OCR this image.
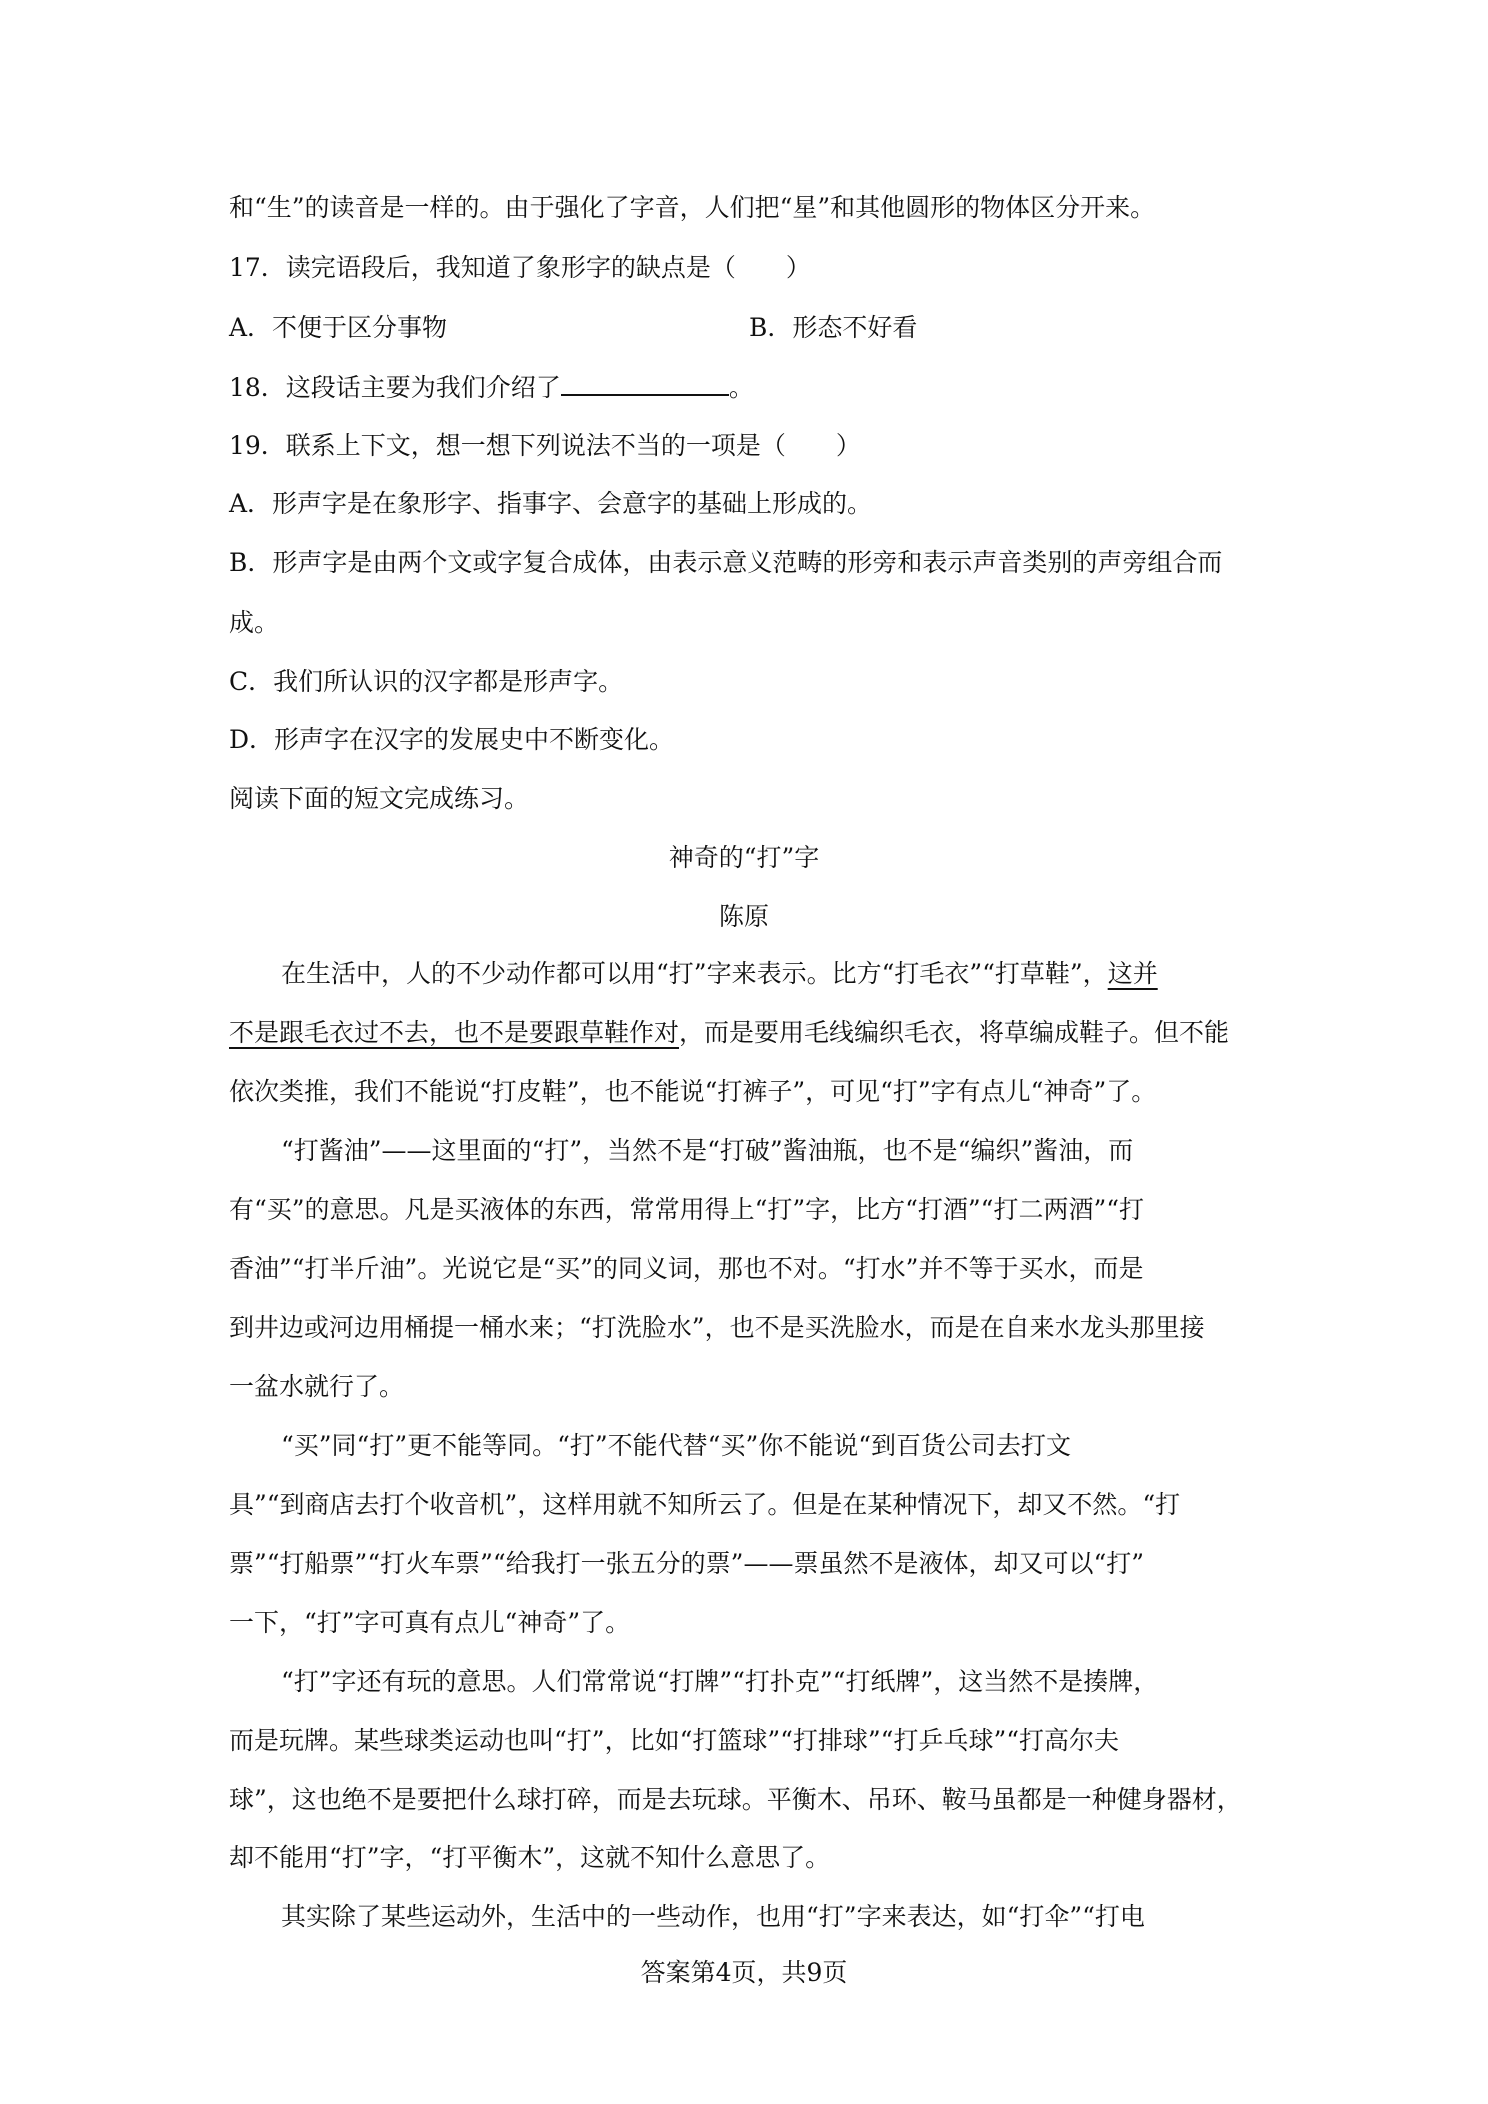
和“生”的读音是一样的。由于强化了字音，人们把“星”和其他圆形的物体区分开来。
17．读完语段后，我知道了象形字的缺点是（　　）
A．不便于区分事物	B．形态不好看
18．这段话主要为我们介绍了	。
19．联系上下文，想一想下列说法不当的一项是（　　）
A．形声字是在象形字、指事字、会意字的基础上形成的。
B．形声字是由两个文或字复合成体，由表示意义范畴的形旁和表示声音类别的声旁组合而
成。
C．我们所认识的汉字都是形声字。
D．形声字在汉字的发展史中不断变化。
阅读下面的短文完成练习。
神奇的“打”字
陈原
在生活中，人的不少动作都可以用“打”字来表示。比方“打毛衣”“打草鞋”，这并
不是跟毛衣过不去，也不是要跟草鞋作对，而是要用毛线编织毛衣，将草编成鞋子。但不能
依次类推，我们不能说“打皮鞋”，也不能说“打裤子”，可见“打”字有点儿“神奇”了。
“打酱油”——这里面的“打”，当然不是“打破”酱油瓶，也不是“编织”酱油，而
有“买”的意思。凡是买液体的东西，常常用得上“打”字，比方“打酒”“打二两酒”“打
香油”“打半斤油”。光说它是“买”的同义词，那也不对。“打水”并不等于买水，而是
到井边或河边用桶提一桶水来；“打洗脸水”，也不是买洗脸水，而是在自来水龙头那里接
一盆水就行了。
“买”同“打”更不能等同。“打”不能代替“买”你不能说“到百货公司去打文
具”“到商店去打个收音机”，这样用就不知所云了。但是在某种情况下，却又不然。“打
票”“打船票”“打火车票”“给我打一张五分的票”——票虽然不是液体，却又可以“打”
一下，“打”字可真有点儿“神奇”了。
“打”字还有玩的意思。人们常常说“打牌”“打扑克”“打纸牌”，这当然不是揍牌，
而是玩牌。某些球类运动也叫“打”，比如“打篮球”“打排球”“打乒乓球”“打高尔夫
球”，这也绝不是要把什么球打碎，而是去玩球。平衡木、吊环、鞍马虽都是一种健身器材，
却不能用“打”字，“打平衡木”，这就不知什么意思了。
其实除了某些运动外，生活中的一些动作，也用“打”字来表达，如“打伞”“打电
答案第4页，共9页
